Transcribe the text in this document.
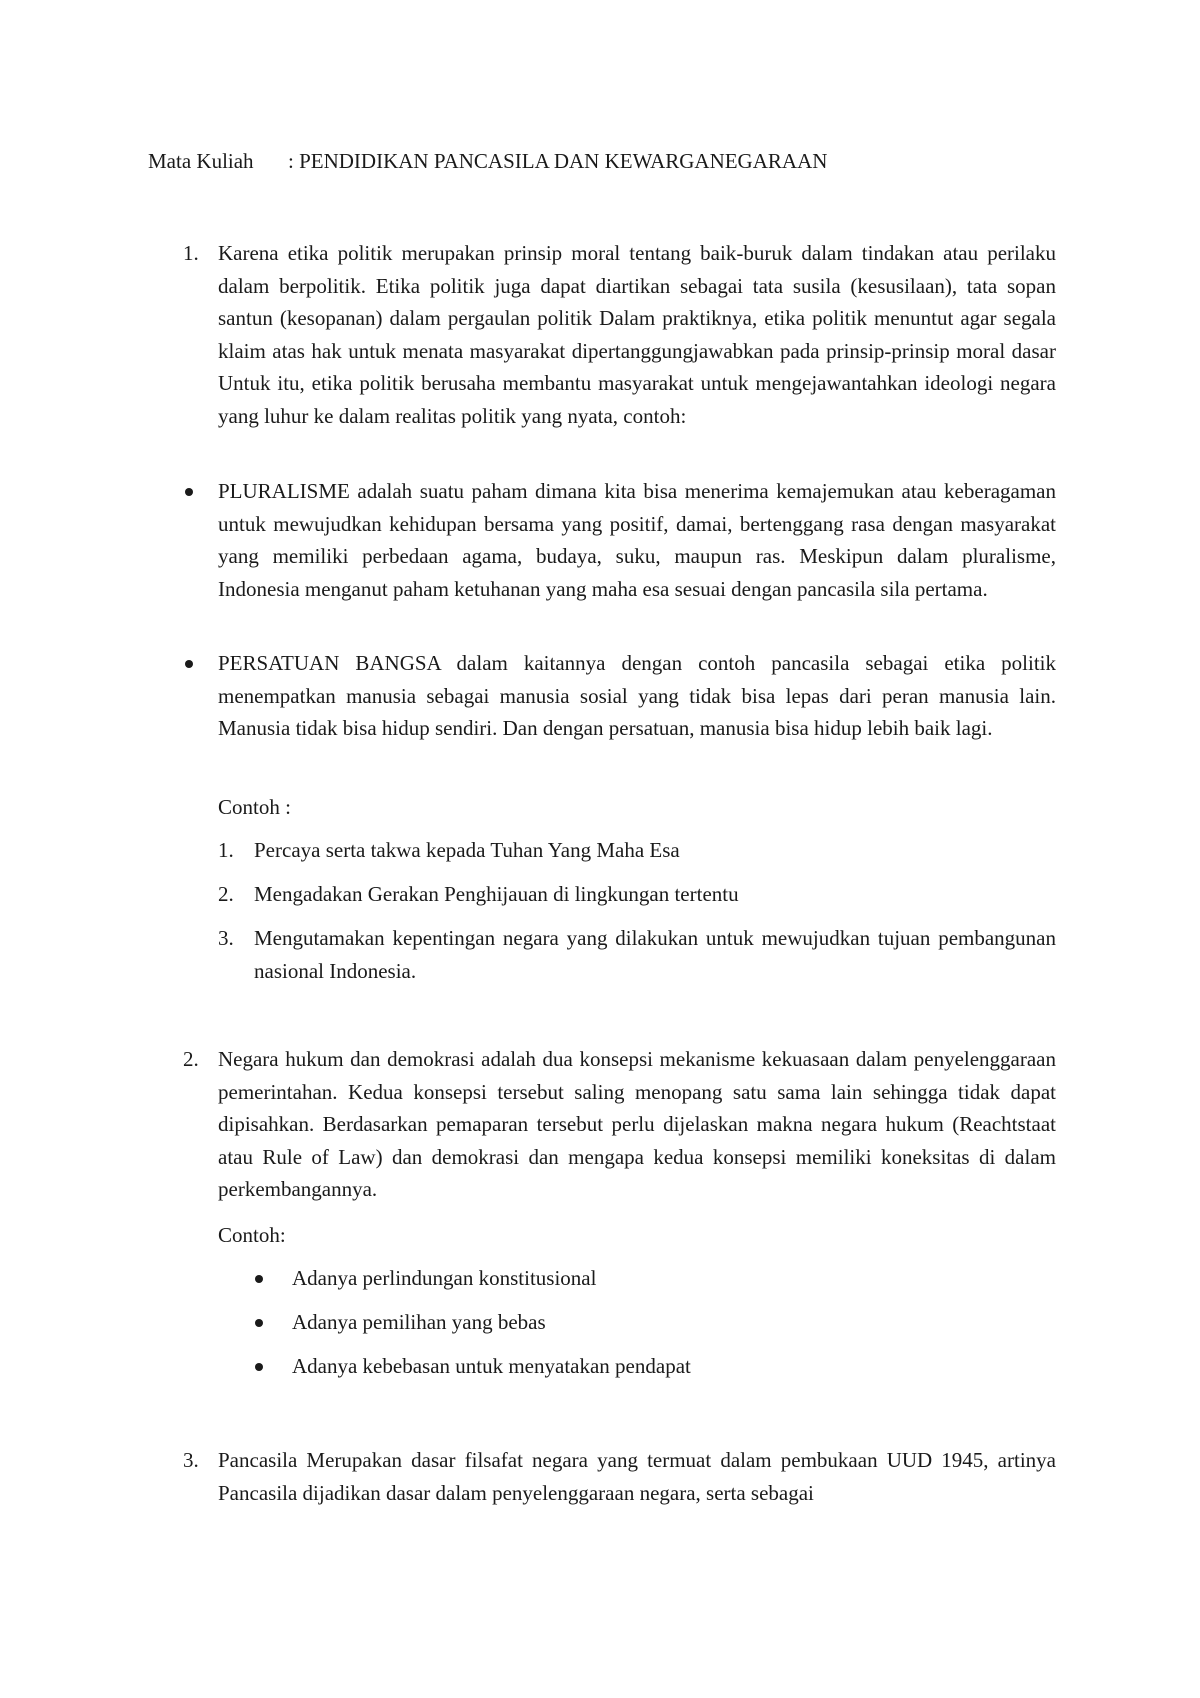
Mata Kuliah : PENDIDIKAN PANCASILA DAN KEWARGANEGARAAN
1. Karena etika politik merupakan prinsip moral tentang baik-buruk dalam tindakan atau perilaku dalam berpolitik. Etika politik juga dapat diartikan sebagai tata susila (kesusilaan), tata sopan santun (kesopanan) dalam pergaulan politik Dalam praktiknya, etika politik menuntut agar segala klaim atas hak untuk menata masyarakat dipertanggungjawabkan pada prinsip-prinsip moral dasar Untuk itu, etika politik berusaha membantu masyarakat untuk mengejawantahkan ideologi negara yang luhur ke dalam realitas politik yang nyata, contoh:
PLURALISME adalah suatu paham dimana kita bisa menerima kemajemukan atau keberagaman untuk mewujudkan kehidupan bersama yang positif, damai, bertenggang rasa dengan masyarakat yang memiliki perbedaan agama, budaya, suku, maupun ras. Meskipun dalam pluralisme, Indonesia menganut paham ketuhanan yang maha esa sesuai dengan pancasila sila pertama.
PERSATUAN BANGSA dalam kaitannya dengan contoh pancasila sebagai etika politik menempatkan manusia sebagai manusia sosial yang tidak bisa lepas dari peran manusia lain. Manusia tidak bisa hidup sendiri. Dan dengan persatuan, manusia bisa hidup lebih baik lagi.
Contoh :
1. Percaya serta takwa kepada Tuhan Yang Maha Esa
2. Mengadakan Gerakan Penghijauan di lingkungan tertentu
3. Mengutamakan kepentingan negara yang dilakukan untuk mewujudkan tujuan pembangunan nasional Indonesia.
2. Negara hukum dan demokrasi adalah dua konsepsi mekanisme kekuasaan dalam penyelenggaraan pemerintahan. Kedua konsepsi tersebut saling menopang satu sama lain sehingga tidak dapat dipisahkan. Berdasarkan pemaparan tersebut perlu dijelaskan makna negara hukum (Reachtstaat atau Rule of Law) dan demokrasi dan mengapa kedua konsepsi memiliki koneksitas di dalam perkembangannya.
Contoh:
Adanya perlindungan konstitusional
Adanya pemilihan yang bebas
Adanya kebebasan untuk menyatakan pendapat
3. Pancasila Merupakan dasar filsafat negara yang termuat dalam pembukaan UUD 1945, artinya Pancasila dijadikan dasar dalam penyelenggaraan negara, serta sebagai
